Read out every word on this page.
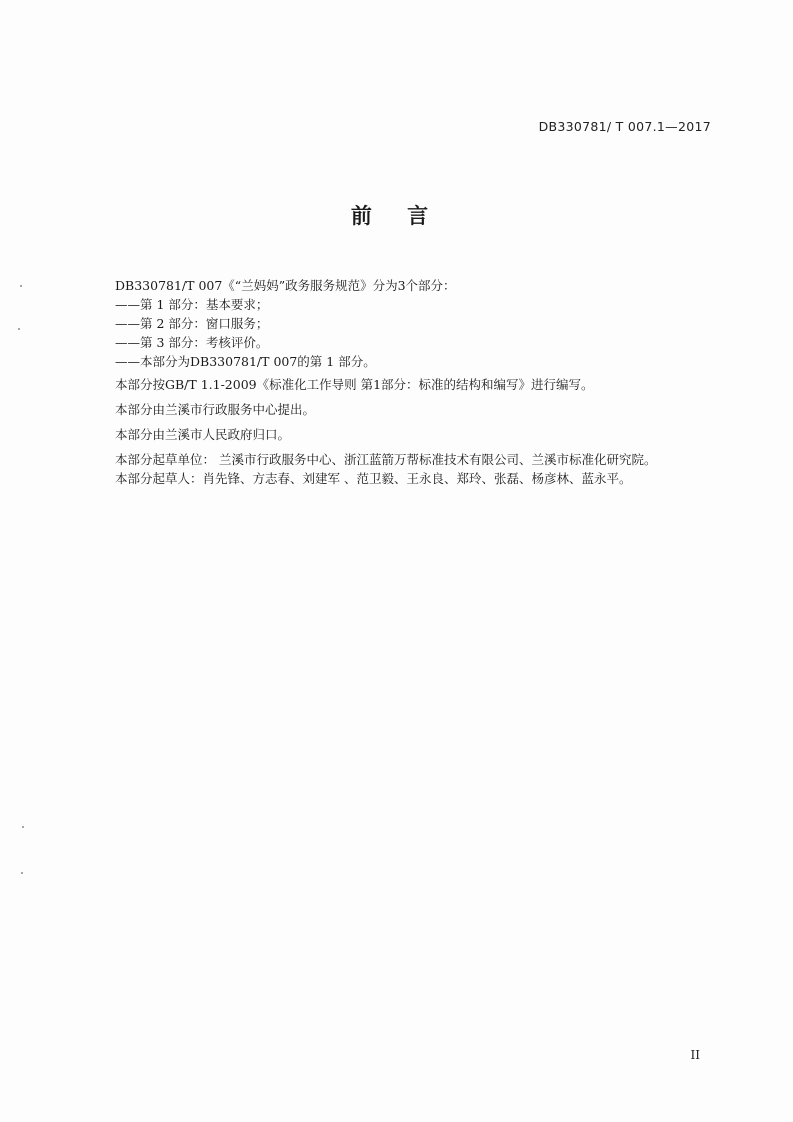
DB330781/ T 007.1—2017
前 言
DB330781/T 007《“兰妈妈”政务服务规范》分为3个部分：
——第 1 部分：基本要求；
——第 2 部分：窗口服务；
——第 3 部分：考核评价。
——本部分为DB330781/T 007的第 1 部分。
本部分按GB/T 1.1-2009《标准化工作导则 第1部分：标准的结构和编写》进行编写。
本部分由兰溪市行政服务中心提出。
本部分由兰溪市人民政府归口。
本部分起草单位： 兰溪市行政服务中心、浙江蓝箭万帮标准技术有限公司、兰溪市标准化研究院。
本部分起草人：肖先锋、方志春、刘建军 、范卫毅、王永良、郑玲、张磊、杨彦林、蓝永平。
II
